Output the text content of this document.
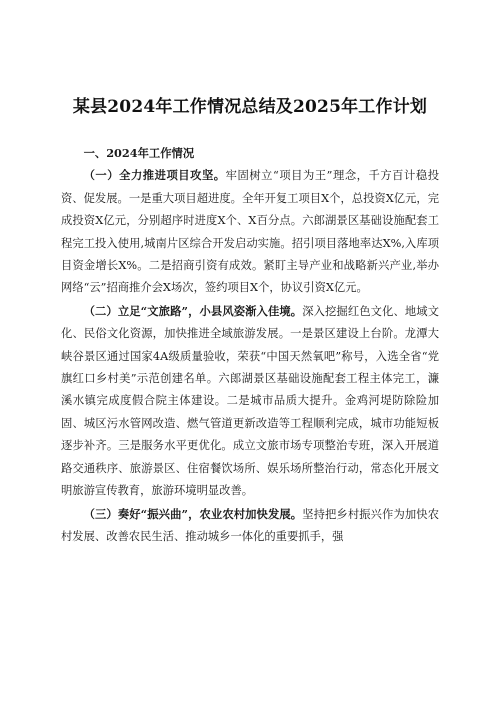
某县2024年工作情况总结及2025年工作计划

一、2024年工作情况

（一）全力推进项目攻坚。牢固树立“项目为王”理念，千方百计稳投资、促发展。一是重大项目超进度。全年开复工项目X个，总投资X亿元，完成投资X亿元，分别超序时进度X个、X百分点。六郎湖景区基础设施配套工程完工投入使用,城南片区综合开发启动实施。招引项目落地率达X%,入库项目资金增长X%。二是招商引资有成效。紧盯主导产业和战略新兴产业,举办网络“云”招商推介会X场次，签约项目X个，协议引资X亿元。

（二）立足“文旅路”，小县风姿渐入佳境。深入挖掘红色文化、地域文化、民俗文化资源，加快推进全域旅游发展。一是景区建设上台阶。龙潭大峡谷景区通过国家4A级质量验收，荣获“中国天然氧吧”称号，入选全省“党旗红口乡村美”示范创建名单。六郎湖景区基础设施配套工程主体完工，濂溪水镇完成度假合院主体建设。二是城市品质大提升。金鸡河堤防除险加固、城区污水管网改造、燃气管道更新改造等工程顺利完成，城市功能短板逐步补齐。三是服务水平更优化。成立文旅市场专项整治专班，深入开展道路交通秩序、旅游景区、住宿餐饮场所、娱乐场所整治行动，常态化开展文明旅游宣传教育，旅游环境明显改善。

（三）奏好“振兴曲”，农业农村加快发展。坚持把乡村振兴作为加快农村发展、改善农民生活、推动城乡一体化的重要抓手，强
